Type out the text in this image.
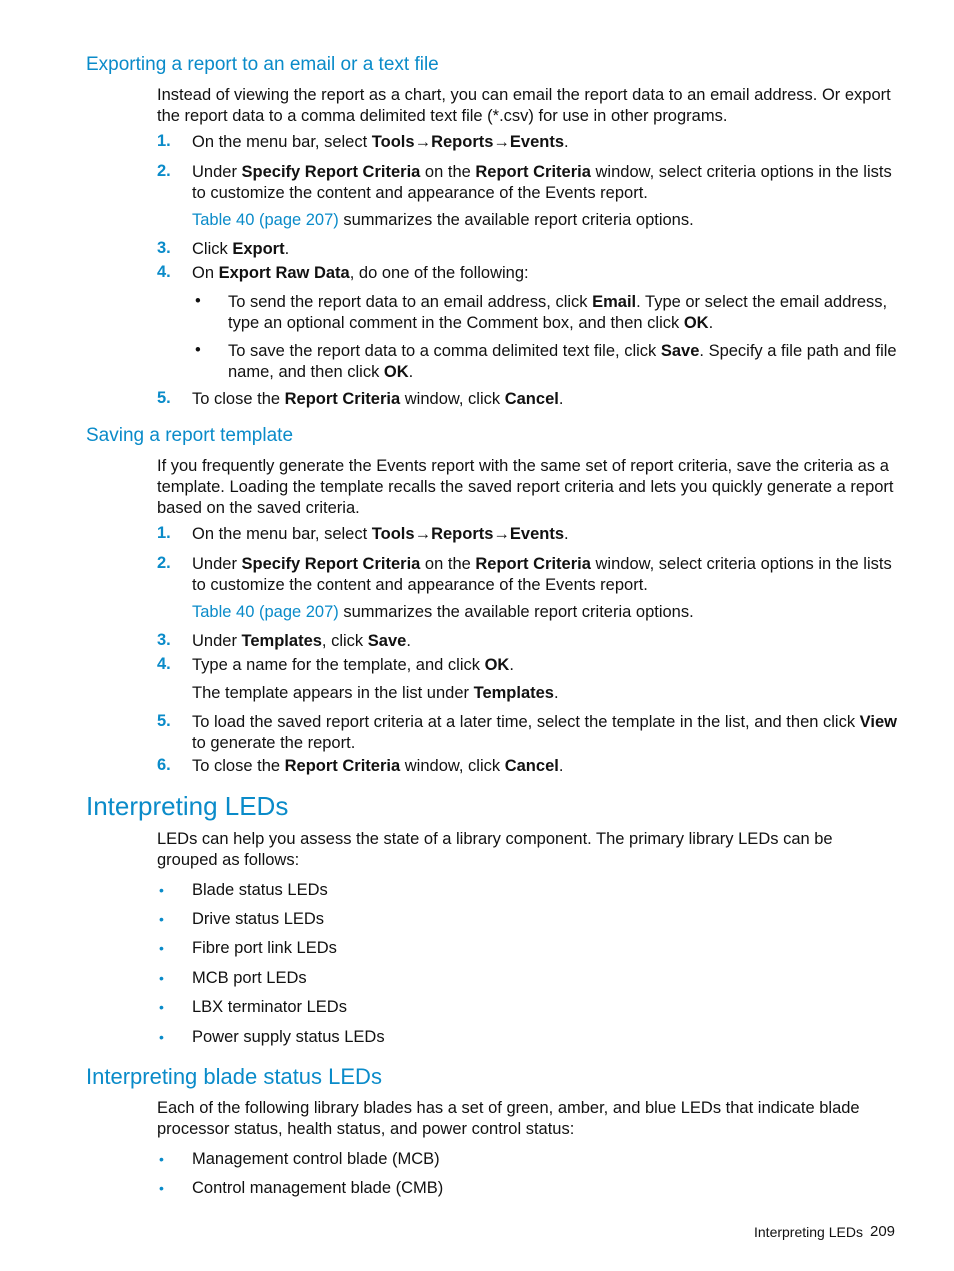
Exporting a report to an email or a text file
Instead of viewing the report as a chart, you can email the report data to an email address. Or export the report data to a comma delimited text file (*.csv) for use in other programs.
1. On the menu bar, select Tools→Reports→Events.
2. Under Specify Report Criteria on the Report Criteria window, select criteria options in the lists to customize the content and appearance of the Events report.
Table 40 (page 207) summarizes the available report criteria options.
3. Click Export.
4. On Export Raw Data, do one of the following:
• To send the report data to an email address, click Email. Type or select the email address, type an optional comment in the Comment box, and then click OK.
• To save the report data to a comma delimited text file, click Save. Specify a file path and file name, and then click OK.
5. To close the Report Criteria window, click Cancel.
Saving a report template
If you frequently generate the Events report with the same set of report criteria, save the criteria as a template. Loading the template recalls the saved report criteria and lets you quickly generate a report based on the saved criteria.
1. On the menu bar, select Tools→Reports→Events.
2. Under Specify Report Criteria on the Report Criteria window, select criteria options in the lists to customize the content and appearance of the Events report.
Table 40 (page 207) summarizes the available report criteria options.
3. Under Templates, click Save.
4. Type a name for the template, and click OK.
The template appears in the list under Templates.
5. To load the saved report criteria at a later time, select the template in the list, and then click View to generate the report.
6. To close the Report Criteria window, click Cancel.
Interpreting LEDs
LEDs can help you assess the state of a library component. The primary library LEDs can be grouped as follows:
• Blade status LEDs
• Drive status LEDs
• Fibre port link LEDs
• MCB port LEDs
• LBX terminator LEDs
• Power supply status LEDs
Interpreting blade status LEDs
Each of the following library blades has a set of green, amber, and blue LEDs that indicate blade processor status, health status, and power control status:
• Management control blade (MCB)
• Control management blade (CMB)
Interpreting LEDs 209
